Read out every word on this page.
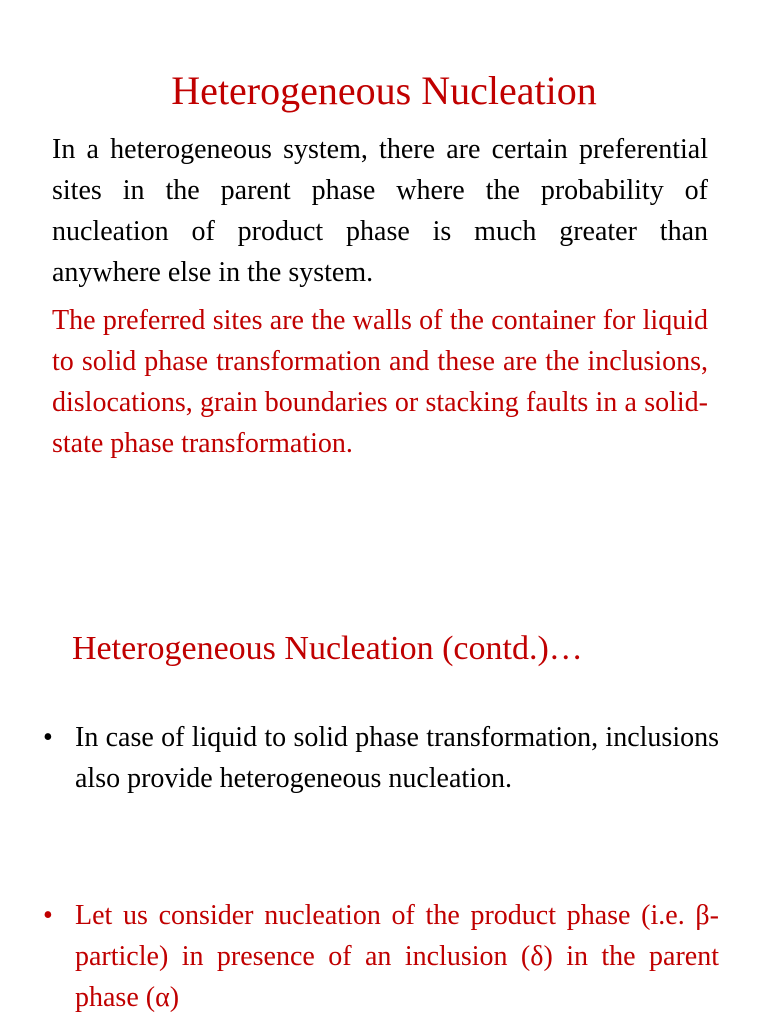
Heterogeneous Nucleation

In a heterogeneous system, there are certain preferential sites in the parent phase where the probability of nucleation of product phase is much greater than anywhere else in the system.

The preferred sites are the walls of the container for liquid to solid phase transformation and these are the inclusions, dislocations, grain boundaries or stacking faults in a solid-state phase transformation.

Heterogeneous Nucleation (contd.)…
• In case of liquid to solid phase transformation, inclusions also provide heterogeneous nucleation.
• Let us consider nucleation of the product phase (i.e. β-particle) in presence of an inclusion (δ) in the parent phase (α)
